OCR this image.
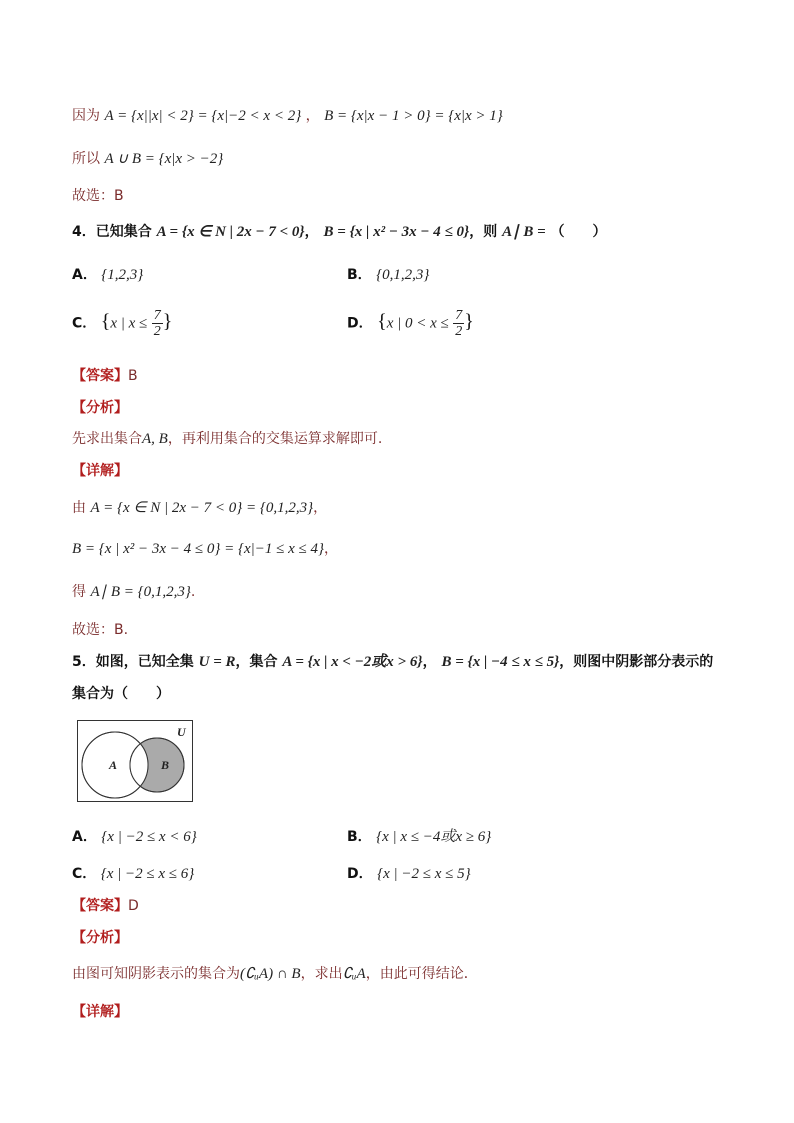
因为 A = {x||x| < 2} = {x|−2 < x < 2} ， B = {x|x − 1 > 0} = {x|x > 1}
所以 A ∪ B = {x|x > −2}
故选：B
4．已知集合 A = {x ∈ N | 2x − 7 < 0}， B = {x | x² − 3x − 4 ≤ 0}，则 A∣ B = （　　）
A． {1,2,3}	B． {0,1,2,3}
C． {x | $x \le \frac{7}{2}$ }	D． {x | $0 < x \le \frac{7}{2}$ }
【答案】B
【分析】
先求出集合A, B，再利用集合的交集运算求解即可.
【详解】
由 A = {x ∈ N | 2x − 7 < 0} = {0,1,2,3}，
B = {x | x² − 3x − 4 ≤ 0} = {x|−1 ≤ x ≤ 4}，
得 A∣ B = {0,1,2,3}.
故选：B.
5．如图，已知全集 U = R，集合 A = {x | x < −2或x > 6}， B = {x | −4 ≤ x ≤ 5}，则图中阴影部分表示的
集合为（　　）
U
A	B
A． {x | −2 ≤ x < 6}	B． {x | x ≤ −4或x ≥ 6}
C． {x | −2 ≤ x ≤ 6}	D． {x | −2 ≤ x ≤ 5}
【答案】D
【分析】
由图可知阴影表示的集合为(∁ᵤA) ∩ B，求出∁ᵤA，由此可得结论．
【详解】
